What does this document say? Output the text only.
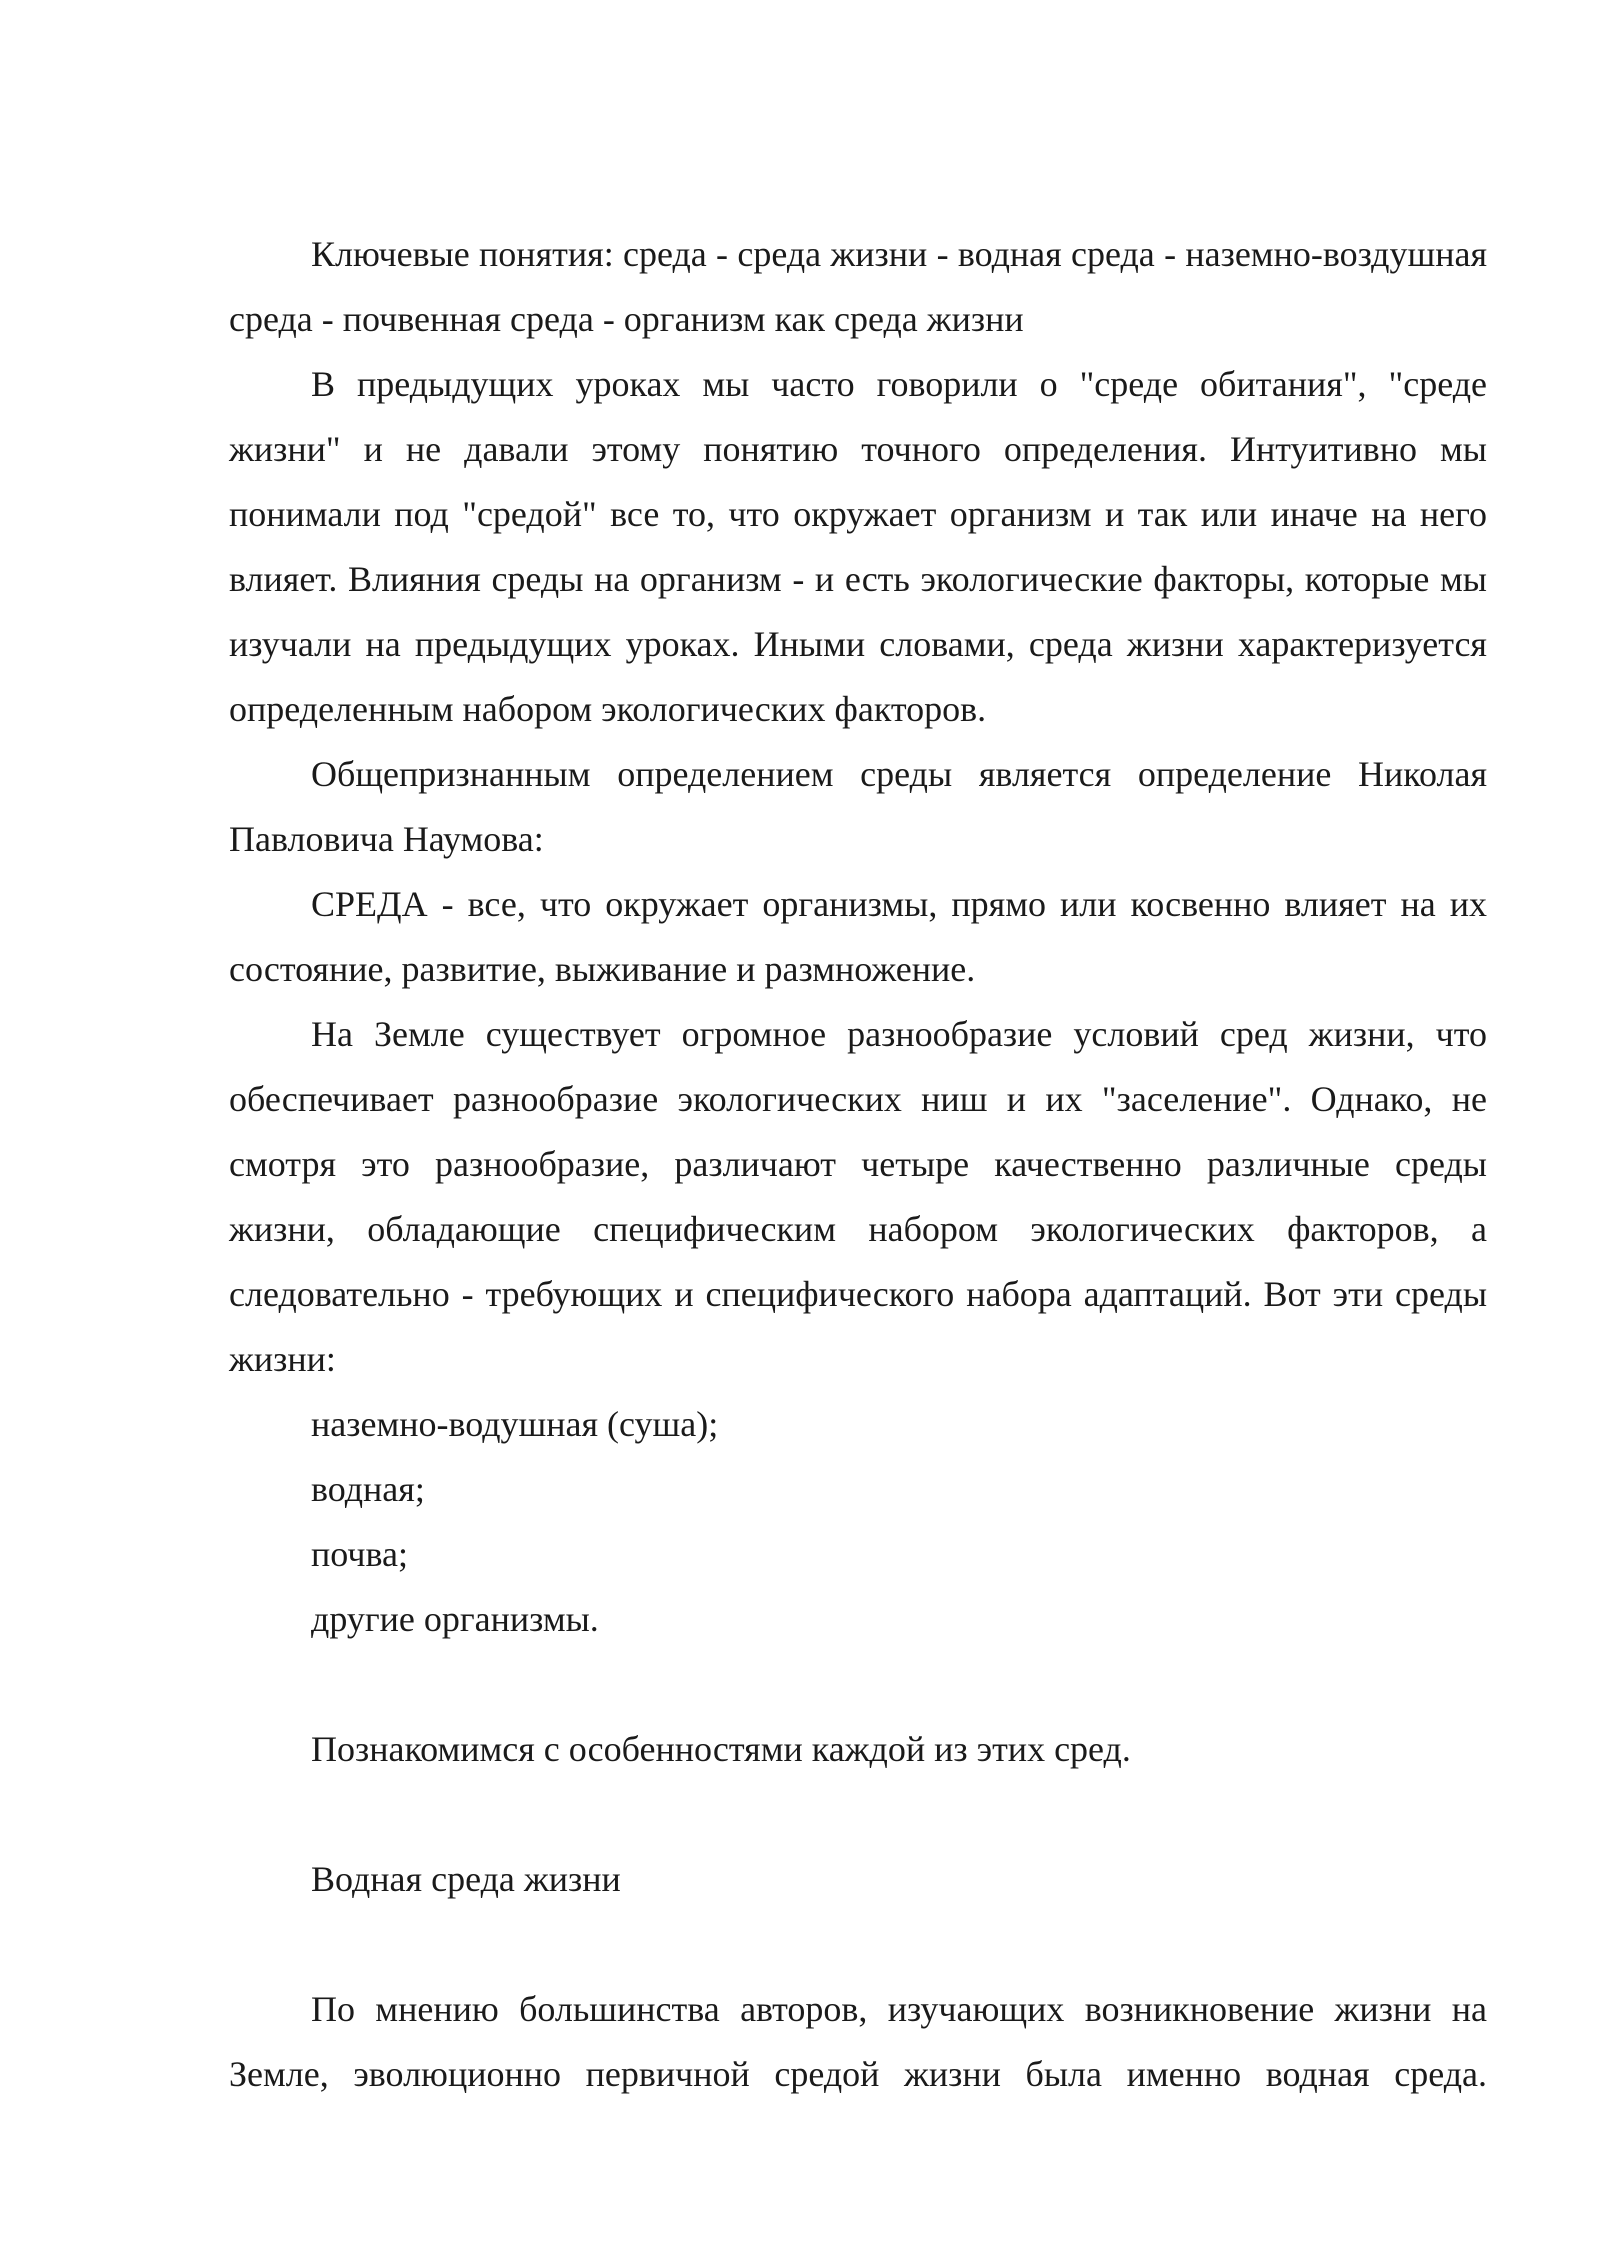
Ключевые понятия: среда - среда жизни - водная среда - наземно-воздушная среда - почвенная среда - организм как среда жизни

В предыдущих уроках мы часто говорили о "среде обитания", "среде жизни" и не давали этому понятию точного определения. Интуитивно мы понимали под "средой" все то, что окружает организм и так или иначе на него влияет. Влияния среды на организм - и есть экологические факторы, которые мы изучали на предыдущих уроках. Иными словами, среда жизни характеризуется определенным набором экологических факторов.

Общепризнанным определением среды является определение Николая Павловича Наумова:

СРЕДА - все, что окружает организмы, прямо или косвенно влияет на их состояние, развитие, выживание и размножение.

На Земле существует огромное разнообразие условий сред жизни, что обеспечивает разнообразие экологических ниш и их "заселение". Однако, не смотря это разнообразие, различают четыре качественно различные среды жизни, обладающие специфическим набором экологических факторов, а следовательно - требующих и специфического набора адаптаций. Вот эти среды жизни:

наземно-водушная (суша);

водная;

почва;

другие организмы.

Познакомимся с особенностями каждой из этих сред.

Водная среда жизни

По мнению большинства авторов, изучающих возникновение жизни на Земле, эволюционно первичной средой жизни была именно водная среда.
